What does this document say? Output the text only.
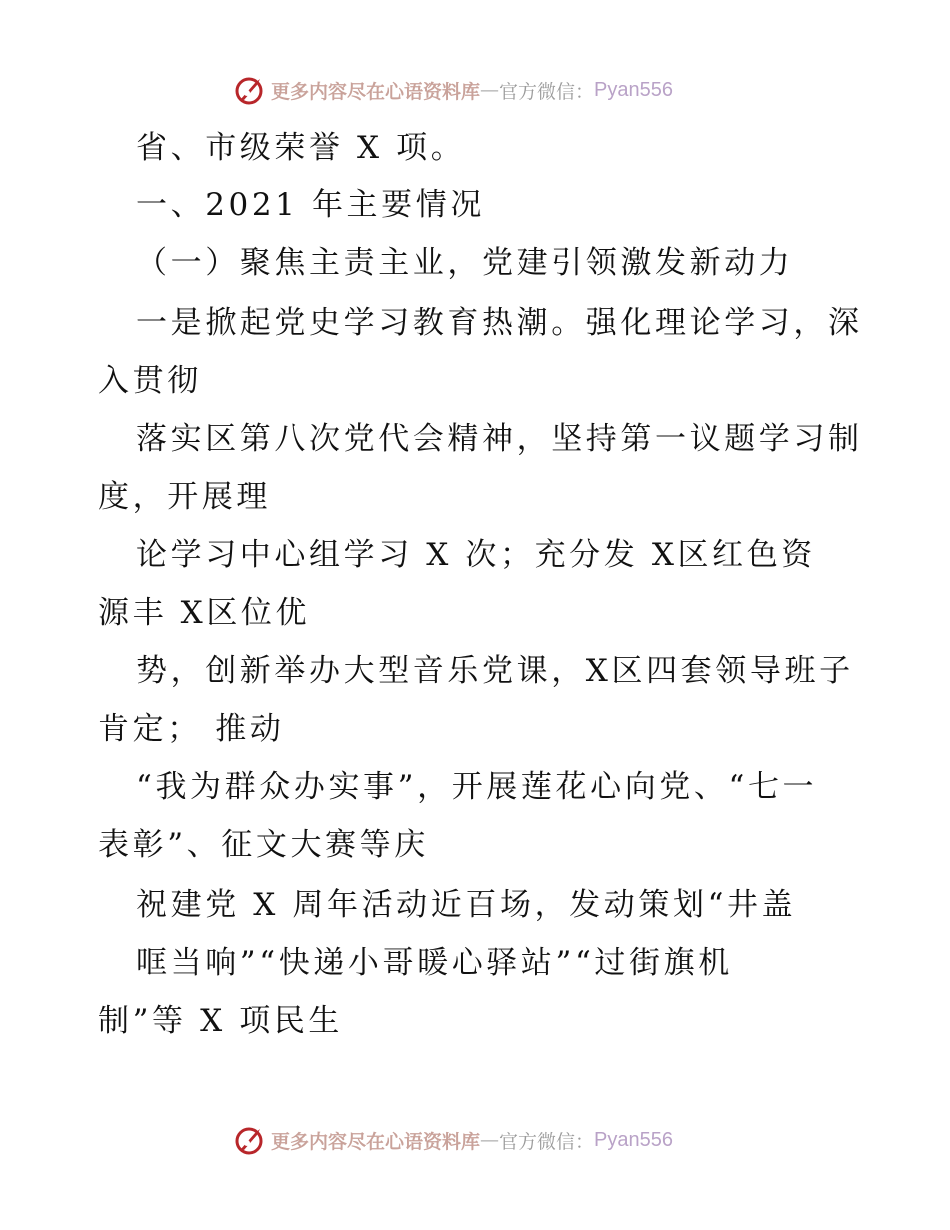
更多内容尽在心语资料库 — 官方微信： Pyan556
省、市级荣誉 X 项。
一、2021 年主要情况
（一）聚焦主责主业，党建引领激发新动力
一是掀起党史学习教育热潮。强化理论学习，深
入贯彻
落实区第八次党代会精神，坚持第一议题学习制
度，开展理
论学习中心组学习 X 次；充分发 X区红色资
源丰 X区位优
势，创新举办大型音乐党课，X区四套领导班子
肯定； 推动
“我为群众办实事”，开展莲花心向党、“七一
表彰”、征文大赛等庆
祝建党 X 周年活动近百场，发动策划“井盖
哐当响”“快递小哥暖心驿站”“过街旗机
制”等 X 项民生
更多内容尽在心语资料库 — 官方微信： Pyan556
